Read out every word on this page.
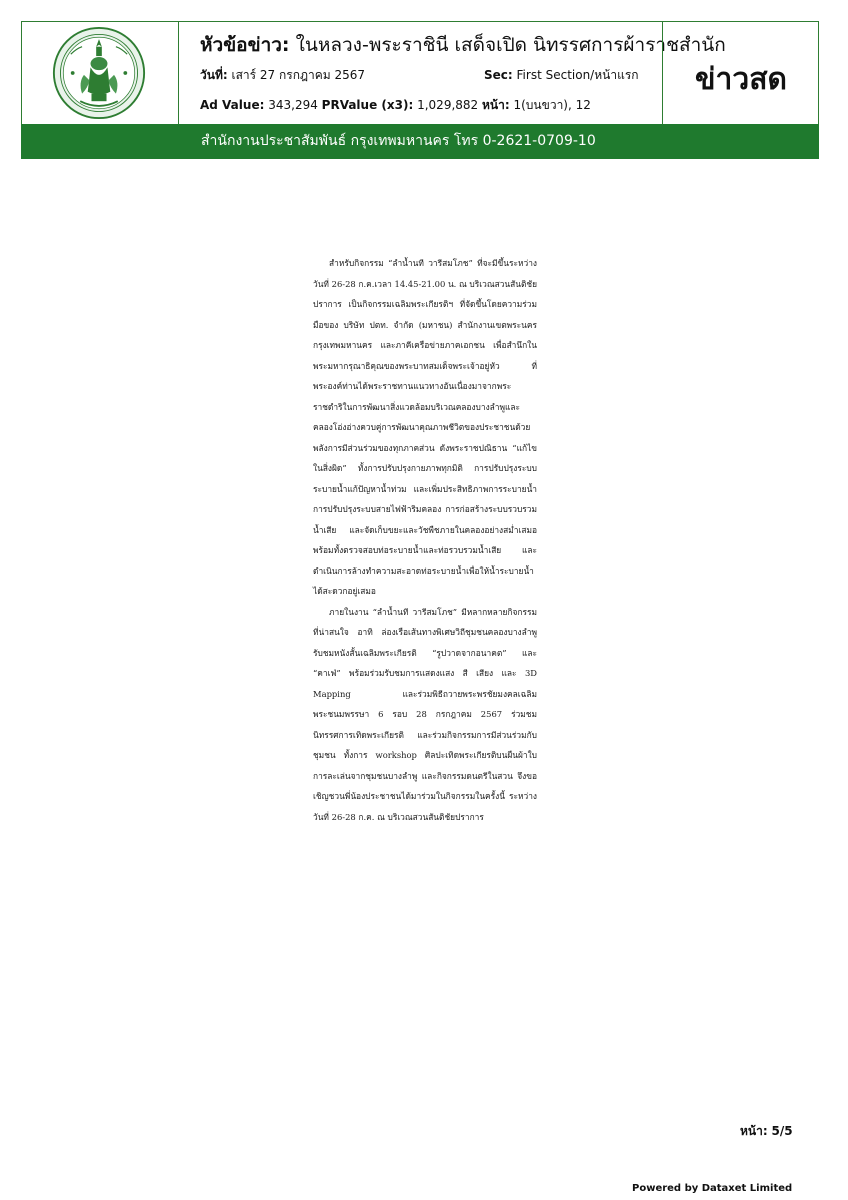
หัวข้อข่าว: ในหลวง-พระราชินี เสด็จเปิด นิทรรศการผ้าราชสำนัก
วันที่: เสาร์ 27 กรกฎาคม 2567	Sec: First Section/หน้าแรก
Ad Value: 343,294 PRValue (x3): 1,029,882 หน้า: 1(บนขวา), 12
ข่าวสด
สำนักงานประชาสัมพันธ์ กรุงเทพมหานคร โทร 0-2621-0709-10

สำหรับกิจกรรม “ลำน้ำนที วารีสมโภช” ที่จะมีขึ้นระหว่างวันที่ 26-28 ก.ค.เวลา 14.45-21.00 น. ณ บริเวณสวนสันติชัยปราการ เป็นกิจกรรมเฉลิมพระเกียรติฯ ที่จัดขึ้นโดยความร่วมมือของ บริษัท ปตท. จำกัด (มหาชน) สำนักงานเขตพระนคร กรุงเทพมหานคร และภาคีเครือข่ายภาคเอกชน เพื่อสำนึกในพระมหากรุณาธิคุณของพระบาทสมเด็จพระเจ้าอยู่หัว ที่พระองค์ท่านได้พระราชทานแนวทางอันเนื่องมาจากพระราชดำริในการพัฒนาสิ่งแวดล้อมบริเวณคลองบางลำพูและคลองโอ่งอ่างควบคู่การพัฒนาคุณภาพชีวิตของประชาชนด้วยพลังการมีส่วนร่วมของทุกภาคส่วน ดังพระราชปณิธาน “แก้ไขในสิ่งผิด” ทั้งการปรับปรุงกายภาพทุกมิติ การปรับปรุงระบบระบายน้ำแก้ปัญหาน้ำท่วม และเพิ่มประสิทธิภาพการระบายน้ำ การปรับปรุงระบบสายไฟฟ้าริมคลอง การก่อสร้างระบบรวบรวมน้ำเสีย และจัดเก็บขยะและวัชพืชภายในคลองอย่างสม่ำเสมอ พร้อมทั้งตรวจสอบท่อระบายน้ำและท่อรวบรวมน้ำเสีย และดำเนินการล้างทำความสะอาดท่อระบายน้ำเพื่อให้น้ำระบายน้ำได้สะดวกอยู่เสมอ

ภายในงาน “ลำน้ำนที วารีสมโภช” มีหลากหลายกิจกรรมที่น่าสนใจ อาทิ ล่องเรือเส้นทางพิเศษวิถีชุมชนคลองบางลำพู รับชมหนังสั้นเฉลิมพระเกียรติ “รูปวาดจากอนาคต” และ “คาเฟ่” พร้อมร่วมรับชมการแสดงแสง สี เสียง และ 3D Mapping และร่วมพิธีถวายพระพรชัยมงคลเฉลิมพระชนมพรรษา 6 รอบ 28 กรกฎาคม 2567 ร่วมชมนิทรรศการเทิดพระเกียรติ และร่วมกิจกรรมการมีส่วนร่วมกับชุมชน ทั้งการ workshop ศิลปะเทิดพระเกียรติบนผืนผ้าใบ การละเล่นจากชุมชนบางลำพู และกิจกรรมดนตรีในสวน จึงขอเชิญชวนพี่น้องประชาชนได้มาร่วมในกิจกรรมในครั้งนี้ ระหว่างวันที่ 26-28 ก.ค. ณ บริเวณสวนสันติชัยปราการ

หน้า: 5/5
Powered by Dataxet Limited
